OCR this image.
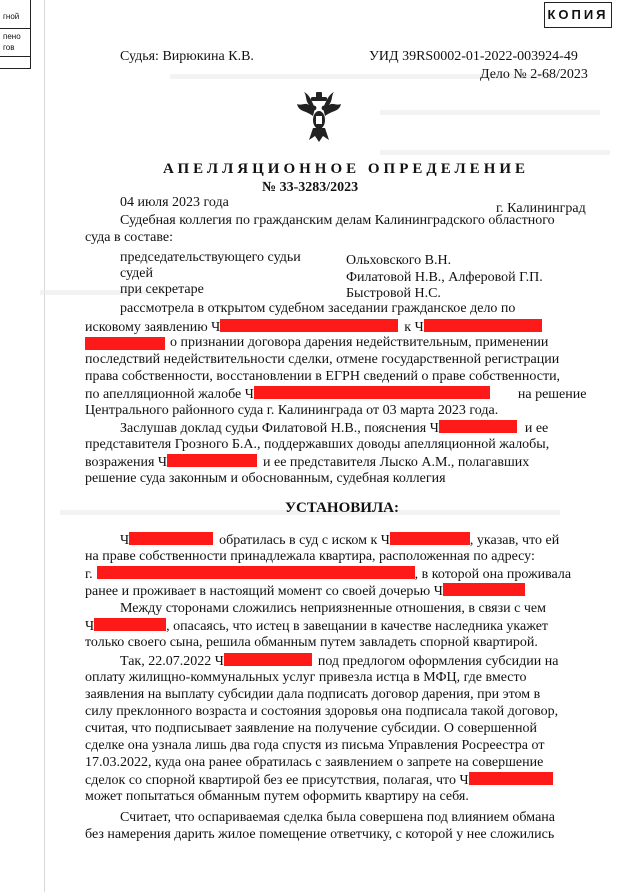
гной
пено
гов
КОПИЯ
Судья: Вирюкина К.В.	УИД 39RS0002-01-2022-003924-49
Дело № 2-68/2023
АПЕЛЛЯЦИОННОЕ ОПРЕДЕЛЕНИЕ
№ 33-3283/2023
04 июля 2023 года	г. Калининград
Судебная коллегия по гражданским делам Калининградского областного
суда в составе:
председательствующего судьи	Ольховского В.Н.
судей	Филатовой Н.В., Алферовой Г.П.
при секретаре	Быстровой Н.С.
рассмотрела в открытом судебном заседании гражданское дело по
исковому заявлению Ч	к Ч
о признании договора дарения недействительным, применении
последствий недействительности сделки, отмене государственной регистрации
права собственности, восстановлении в ЕГРН сведений о праве собственности,
по апелляционной жалобе Ч	на решение
Центрального районного суда г. Калининграда от 03 марта 2023 года.
Заслушав доклад судьи Филатовой Н.В., пояснения Ч	и ее
представителя Грозного Б.А., поддержавших доводы апелляционной жалобы,
возражения Ч	и ее представителя Лыско А.М., полагавших
решение суда законным и обоснованным, судебная коллегия
УСТАНОВИЛА:
Ч	обратилась в суд с иском к Ч	, указав, что ей
на праве собственности принадлежала квартира, расположенная по адресу:
г.	, в которой она проживала
ранее и проживает в настоящий момент со своей дочерью Ч
Между сторонами сложились неприязненные отношения, в связи с чем
Ч	, опасаясь, что истец в завещании в качестве наследника укажет
только своего сына, решила обманным путем завладеть спорной квартирой.
Так, 22.07.2022 Ч	под предлогом оформления субсидии на
оплату жилищно-коммунальных услуг привезла истца в МФЦ, где вместо
заявления на выплату субсидии дала подписать договор дарения, при этом в
силу преклонного возраста и состояния здоровья она подписала такой договор,
считая, что подписывает заявление на получение субсидии. О совершенной
сделке она узнала лишь два года спустя из письма Управления Росреестра от
17.03.2022, куда она ранее обратилась с заявлением о запрете на совершение
сделок со спорной квартирой без ее присутствия, полагая, что Ч
может попытаться обманным путем оформить квартиру на себя.
Считает, что оспариваемая сделка была совершена под влиянием обмана
без намерения дарить жилое помещение ответчику, с которой у нее сложились
